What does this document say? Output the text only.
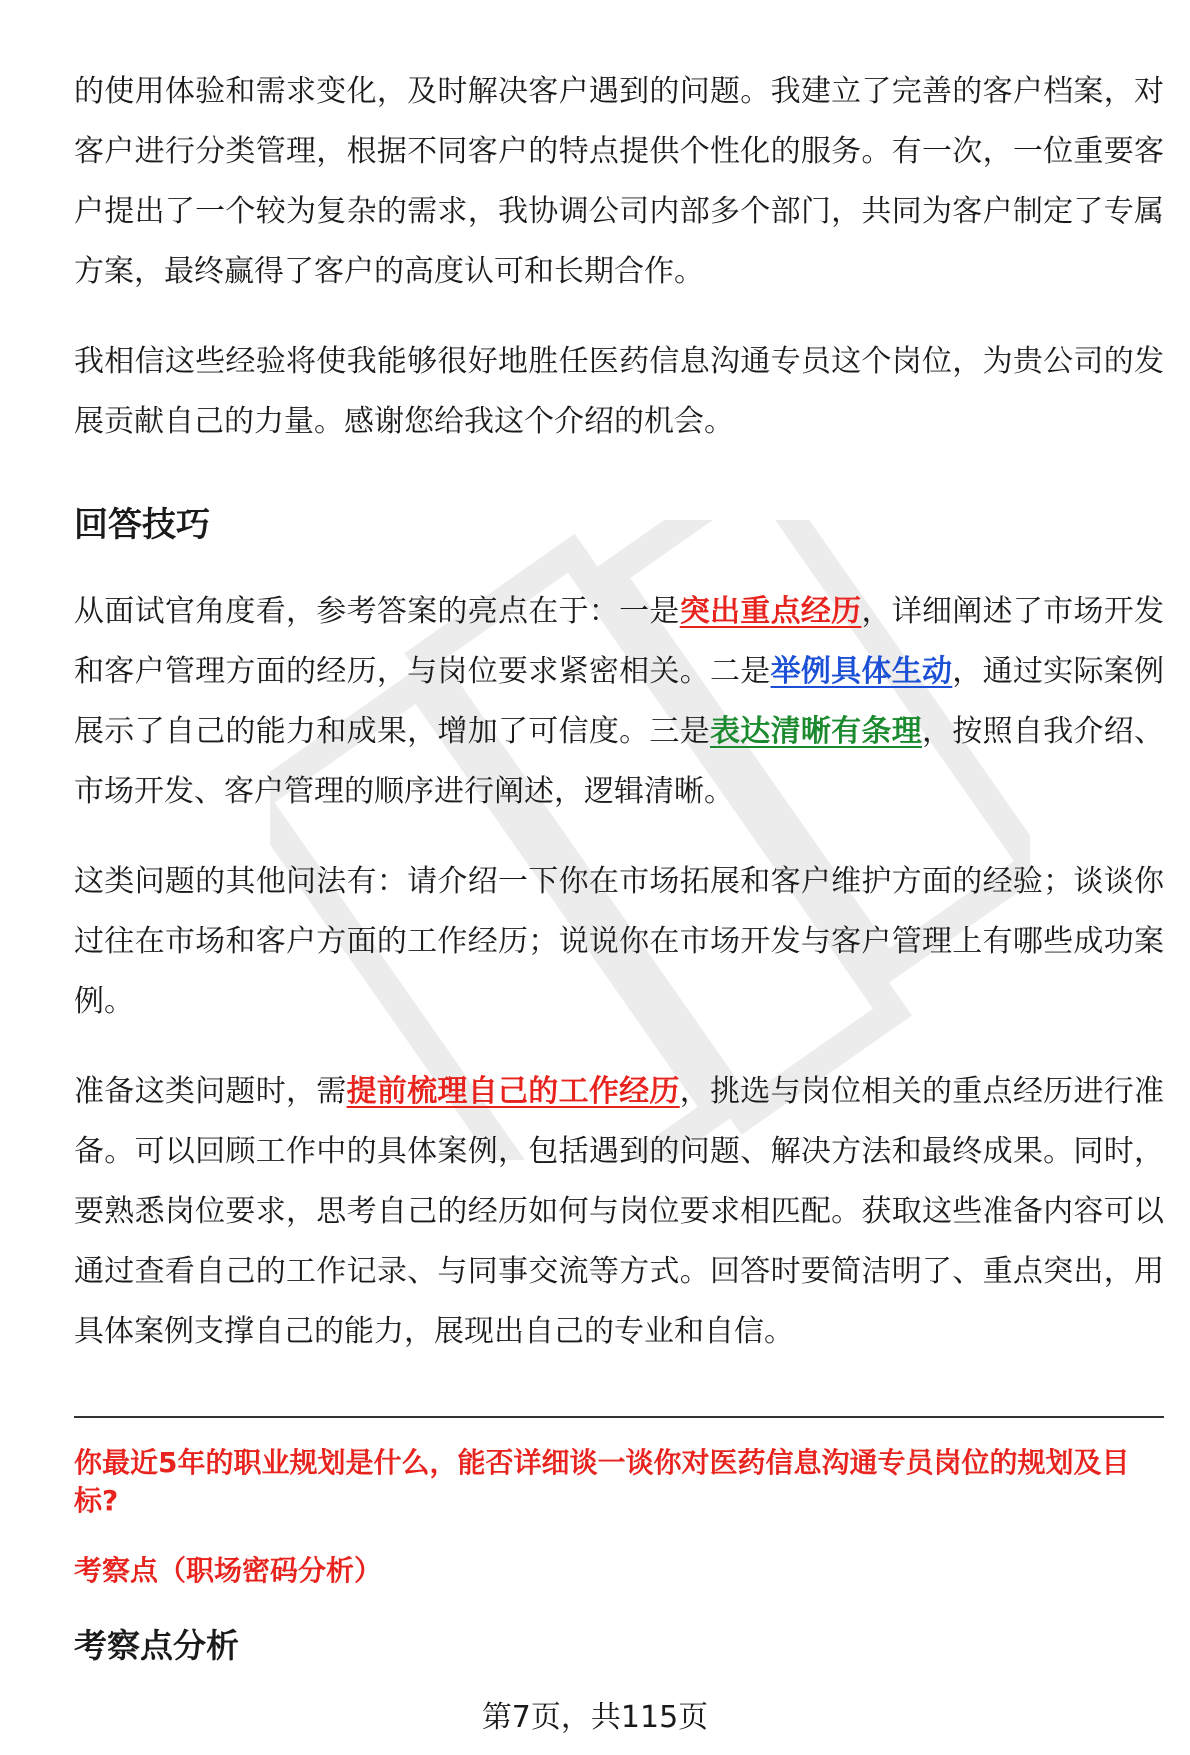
的使用体验和需求变化，及时解决客户遇到的问题。我建立了完善的客户档案，对客户进行分类管理，根据不同客户的特点提供个性化的服务。有一次，一位重要客户提出了一个较为复杂的需求，我协调公司内部多个部门，共同为客户制定了专属方案，最终赢得了客户的高度认可和长期合作。

我相信这些经验将使我能够很好地胜任医药信息沟通专员这个岗位，为贵公司的发展贡献自己的力量。感谢您给我这个介绍的机会。

回答技巧

从面试官角度看，参考答案的亮点在于：一是突出重点经历，详细阐述了市场开发和客户管理方面的经历，与岗位要求紧密相关。二是举例具体生动，通过实际案例展示了自己的能力和成果，增加了可信度。三是表达清晰有条理，按照自我介绍、市场开发、客户管理的顺序进行阐述，逻辑清晰。

这类问题的其他问法有：请介绍一下你在市场拓展和客户维护方面的经验；谈谈你过往在市场和客户方面的工作经历；说说你在市场开发与客户管理上有哪些成功案例。

准备这类问题时，需提前梳理自己的工作经历，挑选与岗位相关的重点经历进行准备。可以回顾工作中的具体案例，包括遇到的问题、解决方法和最终成果。同时，要熟悉岗位要求，思考自己的经历如何与岗位要求相匹配。获取这些准备内容可以通过查看自己的工作记录、与同事交流等方式。回答时要简洁明了、重点突出，用具体案例支撑自己的能力，展现出自己的专业和自信。

你最近5年的职业规划是什么，能否详细谈一谈你对医药信息沟通专员岗位的规划及目标?
考察点（职场密码分析）
考察点分析
第7页，共115页
